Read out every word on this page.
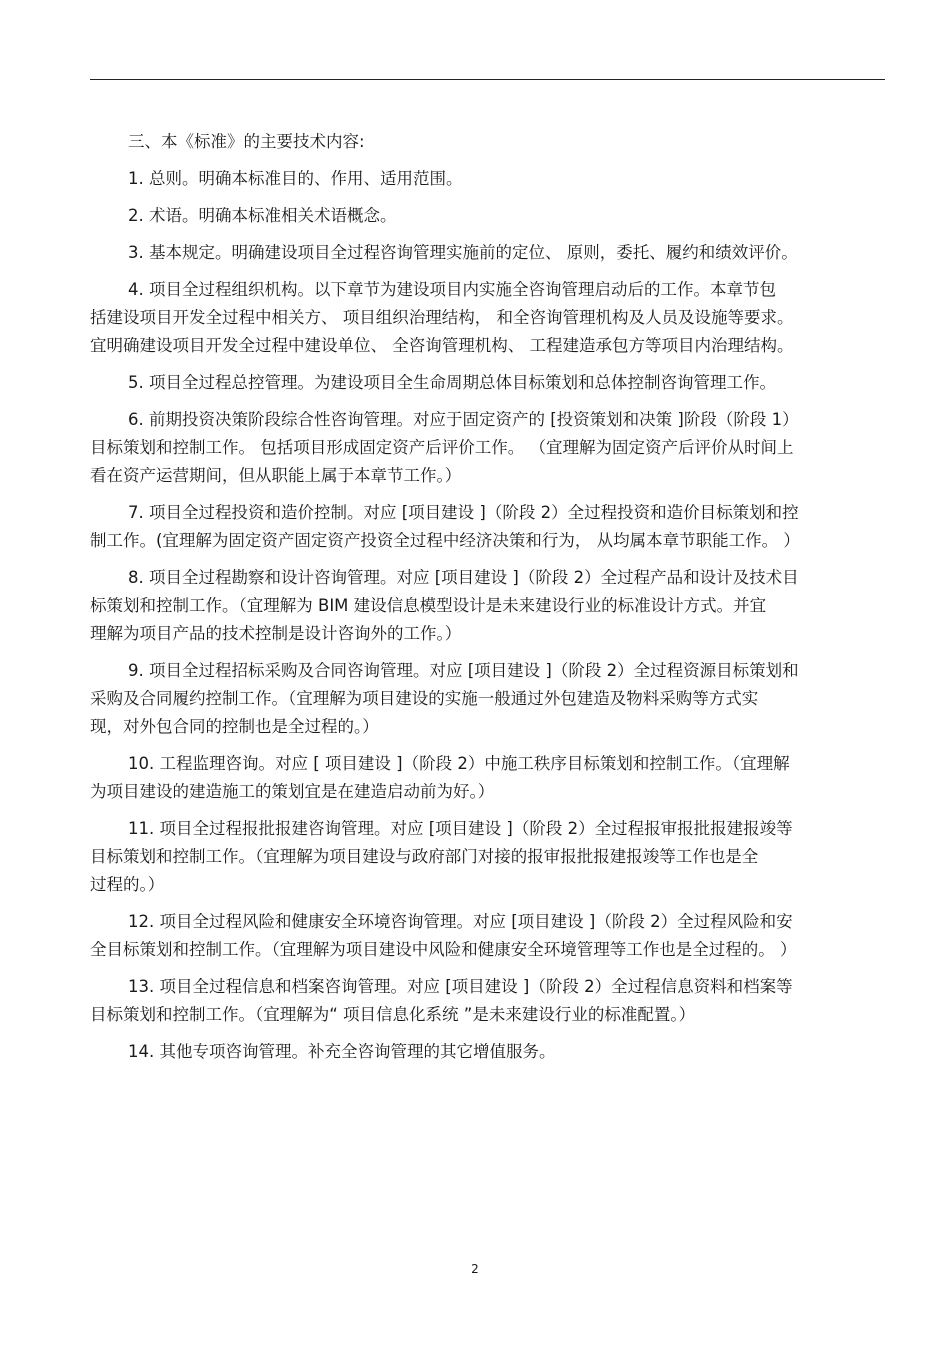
三、本《标准》的主要技术内容:

1. 总则。明确本标准目的、作用、适用范围。

2. 术语。明确本标准相关术语概念。

3. 基本规定。明确建设项目全过程咨询管理实施前的定位、 原则，委托、履约和绩效评价。

4. 项目全过程组织机构。以下章节为建设项目内实施全咨询管理启动后的工作。本章节包
括建设项目开发全过程中相关方、 项目组织治理结构， 和全咨询管理机构及人员及设施等要求。
宜明确建设项目开发全过程中建设单位、 全咨询管理机构、 工程建造承包方等项目内治理结构。

5. 项目全过程总控管理。为建设项目全生命周期总体目标策划和总体控制咨询管理工作。

6. 前期投资决策阶段综合性咨询管理。对应于固定资产的 [投资策划和决策 ]阶段（阶段 1）
目标策划和控制工作。 包括项目形成固定资产后评价工作。 （宜理解为固定资产后评价从时间上
看在资产运营期间，但从职能上属于本章节工作。）

7. 项目全过程投资和造价控制。对应 [项目建设 ]（阶段 2）全过程投资和造价目标策划和控
制工作。(宜理解为固定资产固定资产投资全过程中经济决策和行为， 从均属本章节职能工作。 ）

8. 项目全过程勘察和设计咨询管理。对应 [项目建设 ]（阶段 2）全过程产品和设计及技术目
标策划和控制工作。（宜理解为 BIM 建设信息模型设计是未来建设行业的标准设计方式。并宜
理解为项目产品的技术控制是设计咨询外的工作。）

9. 项目全过程招标采购及合同咨询管理。对应 [项目建设 ]（阶段 2）全过程资源目标策划和
采购及合同履约控制工作。（宜理解为项目建设的实施一般通过外包建造及物料采购等方式实
现，对外包合同的控制也是全过程的。）

10. 工程监理咨询。对应 [ 项目建设 ]（阶段 2）中施工秩序目标策划和控制工作。（宜理解
为项目建设的建造施工的策划宜是在建造启动前为好。）

11. 项目全过程报批报建咨询管理。对应 [项目建设 ]（阶段 2）全过程报审报批报建报竣等
目标策划和控制工作。（宜理解为项目建设与政府部门对接的报审报批报建报竣等工作也是全
过程的。）

12. 项目全过程风险和健康安全环境咨询管理。对应 [项目建设 ]（阶段 2）全过程风险和安
全目标策划和控制工作。（宜理解为项目建设中风险和健康安全环境管理等工作也是全过程的。 ）

13. 项目全过程信息和档案咨询管理。对应 [项目建设 ]（阶段 2）全过程信息资料和档案等
目标策划和控制工作。（宜理解为“ 项目信息化系统 ”是未来建设行业的标准配置。）

14. 其他专项咨询管理。补充全咨询管理的其它增值服务。

2
